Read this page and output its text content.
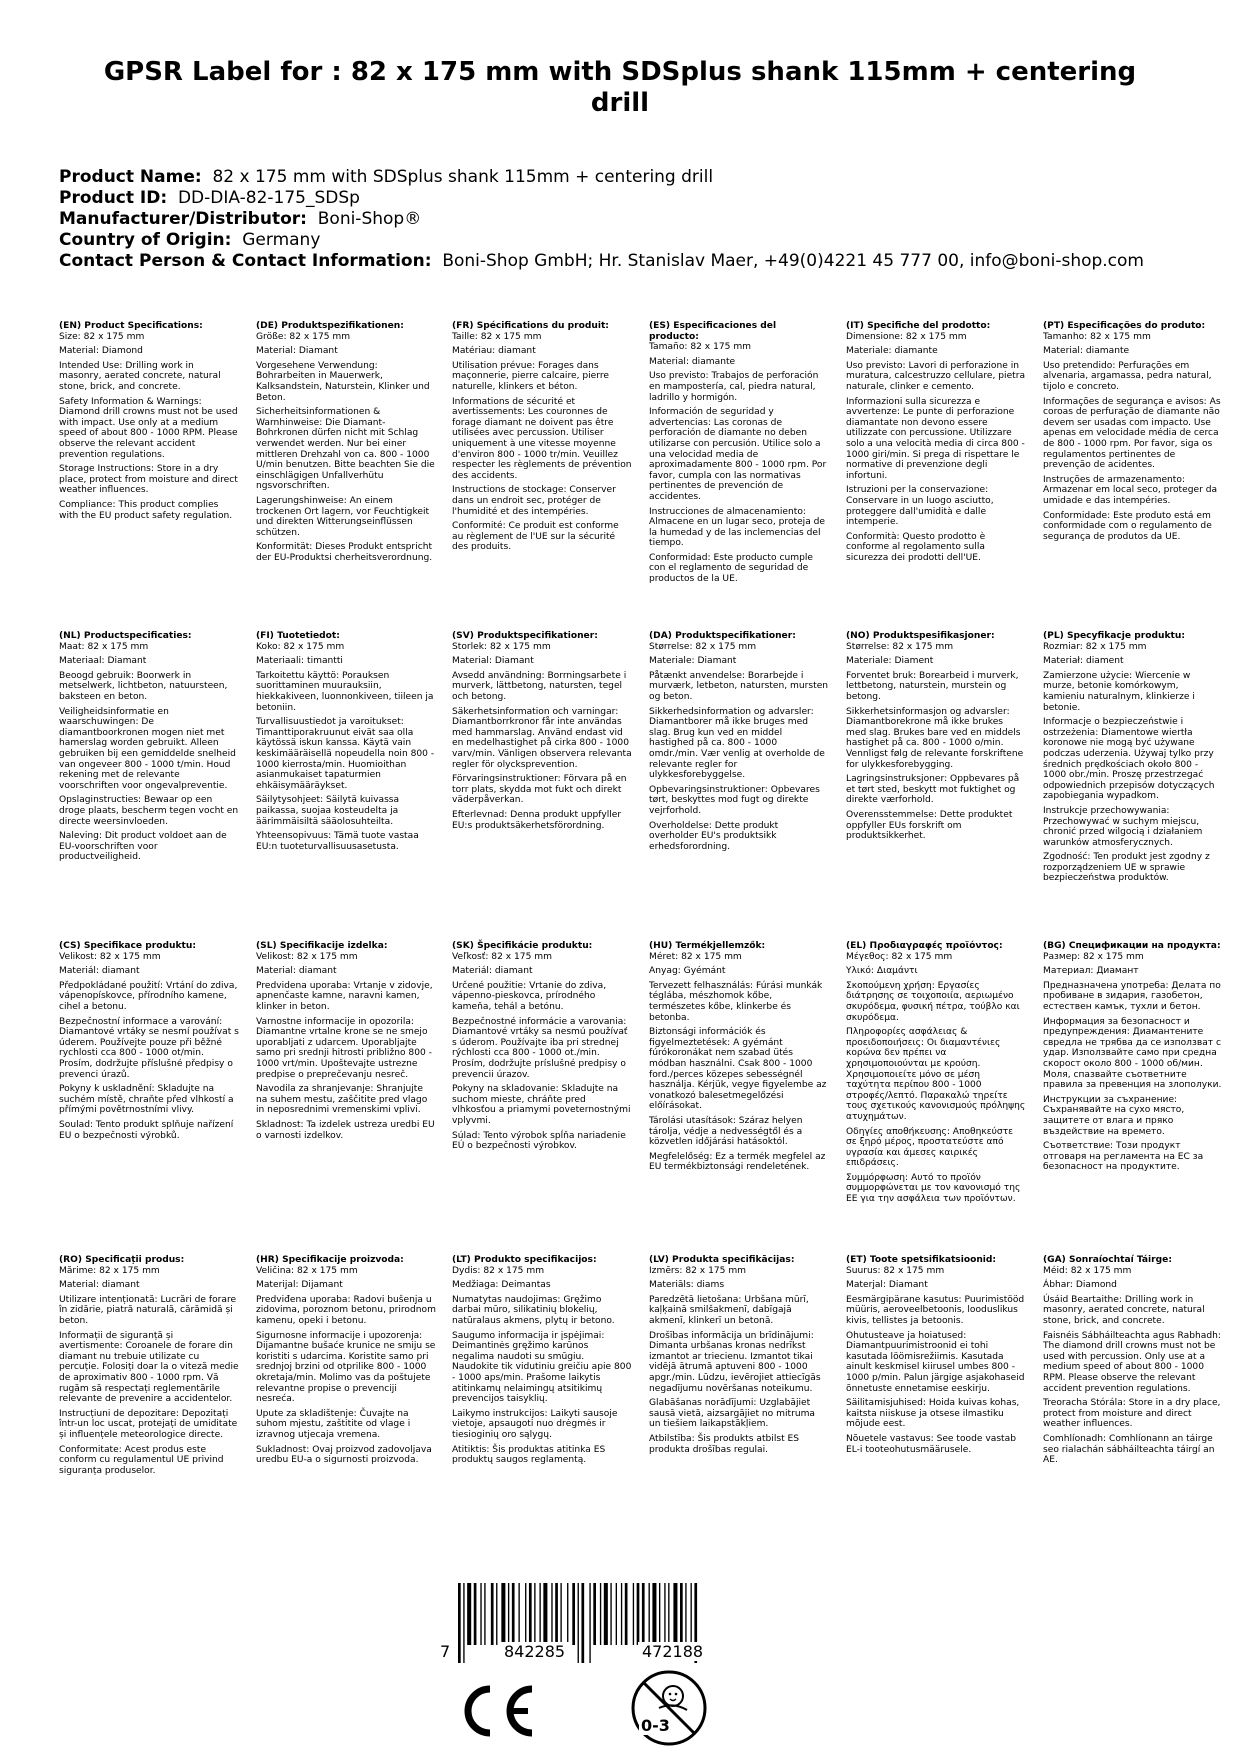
GPSR Label for : 82 x 175 mm with SDSplus shank 115mm + centering drill
Product Name: 82 x 175 mm with SDSplus shank 115mm + centering drill
Product ID: DD-DIA-82-175_SDSp
Manufacturer/Distributor: Boni-Shop®
Country of Origin: Germany
Contact Person & Contact Information: Boni-Shop GmbH; Hr. Stanislav Maer, +49(0)4221 45 777 00, info@boni-shop.com
(EN) Product Specifications:

Size: 82 x 175 mm

Material: Diamond

Intended Use: Drilling work in masonry, aerated concrete, natural stone, brick, and concrete.

Safety Information & Warnings: Diamond drill crowns must not be used with impact. Use only at a medium speed of about 800 - 1000 RPM. Please observe the relevant accident prevention regulations.

Storage Instructions: Store in a dry place, protect from moisture and direct weather influences.

Compliance: This product complies with the EU product safety regulation.

(DE) Produktspezifikationen:

Größe: 82 x 175 mm

Material: Diamant

Vorgesehene Verwendung: Bohrarbeiten in Mauerwerk, Kalksandstein, Naturstein, Klinker und Beton.

Sicherheitsinformationen & Warnhinweise: Die Diamant-Bohrkronen dürfen nicht mit Schlag verwendet werden. Nur bei einer mittleren Drehzahl von ca. 800 - 1000 U/min benutzen. Bitte beachten Sie die einschlägigen Unfallverhütu ngsvorschriften.

Lagerungshinweise: An einem trockenen Ort lagern, vor Feuchtigkeit und direkten Witterungseinflüssen schützen.

Konformität: Dieses Produkt entspricht der EU-Produktsi cherheitsverordnung.

(FR) Spécifications du produit:

Taille: 82 x 175 mm

Matériau: diamant

Utilisation prévue: Forages dans maçonnerie, pierre calcaire, pierre naturelle, klinkers et béton.

Informations de sécurité et avertissements: Les couronnes de forage diamant ne doivent pas être utilisées avec percussion. Utiliser uniquement à une vitesse moyenne d'environ 800 - 1000 tr/min. Veuillez respecter les règlements de prévention des accidents.

Instructions de stockage: Conserver dans un endroit sec, protéger de l'humidité et des intempéries.

Conformité: Ce produit est conforme au règlement de l'UE sur la sécurité des produits.

(ES) Especificaciones del producto:

Tamaño: 82 x 175 mm

Material: diamante

Uso previsto: Trabajos de perforación en mampostería, cal, piedra natural, ladrillo y hormigón.

Información de seguridad y advertencias: Las coronas de perforación de diamante no deben utilizarse con percusión. Utilice solo a una velocidad media de aproximadamente 800 - 1000 rpm. Por favor, cumpla con las normativas pertinentes de prevención de accidentes.

Instrucciones de almacenamiento: Almacene en un lugar seco, proteja de la humedad y de las inclemencias del tiempo.

Conformidad: Este producto cumple con el reglamento de seguridad de productos de la UE.

(IT) Specifiche del prodotto:

Dimensione: 82 x 175 mm

Materiale: diamante

Uso previsto: Lavori di perforazione in muratura, calcestruzzo cellulare, pietra naturale, clinker e cemento.

Informazioni sulla sicurezza e avvertenze: Le punte di perforazione diamantate non devono essere utilizzate con percussione. Utilizzare solo a una velocità media di circa 800 - 1000 giri/min. Si prega di rispettare le normative di prevenzione degli infortuni.

Istruzioni per la conservazione: Conservare in un luogo asciutto, proteggere dall'umidità e dalle intemperie.

Conformità: Questo prodotto è conforme al regolamento sulla sicurezza dei prodotti dell'UE.

(PT) Especificações do produto:

Tamanho: 82 x 175 mm

Material: diamante

Uso pretendido: Perfurações em alvenaria, argamassa, pedra natural, tijolo e concreto.

Informações de segurança e avisos: As coroas de perfuração de diamante não devem ser usadas com impacto. Use apenas em velocidade média de cerca de 800 - 1000 rpm. Por favor, siga os regulamentos pertinentes de prevenção de acidentes.

Instruções de armazenamento: Armazenar em local seco, proteger da umidade e das intempéries.

Conformidade: Este produto está em conformidade com o regulamento de segurança de produtos da UE.

(NL) Productspecificaties:

Maat: 82 x 175 mm

Materiaal: Diamant

Beoogd gebruik: Boorwerk in metselwerk, lichtbeton, natuursteen, baksteen en beton.

Veiligheidsinformatie en waarschuwingen: De diamantboorkronen mogen niet met hamerslag worden gebruikt. Alleen gebruiken bij een gemiddelde snelheid van ongeveer 800 - 1000 t/min. Houd rekening met de relevante voorschriften voor ongevalpreventie.

Opslaginstructies: Bewaar op een droge plaats, bescherm tegen vocht en directe weersinvloeden.

Naleving: Dit product voldoet aan de EU-voorschriften voor productveiligheid.

(FI) Tuotetiedot:

Koko: 82 x 175 mm

Materiaali: timantti

Tarkoitettu käyttö: Porauksen suorittaminen muurauksiin, hiekkakiveen, luonnonkiveen, tiileen ja betoniin.

Turvallisuustiedot ja varoitukset: Timanttiporakruunut eivät saa olla käytössä iskun kanssa. Käytä vain keskimääräisellä nopeudella noin 800 - 1000 kierrosta/min. Huomioithan asianmukaiset tapaturmien ehkäisymääräykset.

Säilytysohjeet: Säilytä kuivassa paikassa, suojaa kosteudelta ja äärimmäisiltä sääolosuhteilta.

Yhteensopivuus: Tämä tuote vastaa EU:n tuoteturvallisuusasetusta.

(SV) Produktspecifikationer:

Storlek: 82 x 175 mm

Material: Diamant

Avsedd användning: Borrningsarbete i murverk, lättbetong, natursten, tegel och betong.

Säkerhetsinformation och varningar: Diamantborrkronor får inte användas med hammarslag. Använd endast vid en medelhastighet på cirka 800 - 1000 varv/min. Vänligen observera relevanta regler för olycksprevention.

Förvaringsinstruktioner: Förvara på en torr plats, skydda mot fukt och direkt väderpåverkan.

Efterlevnad: Denna produkt uppfyller EU:s produktsäkerhetsförordning.

(DA) Produktspecifikationer:

Størrelse: 82 x 175 mm

Materiale: Diamant

Påtænkt anvendelse: Borarbejde i murværk, letbeton, natursten, mursten og beton.

Sikkerhedsinformation og advarsler: Diamantborer må ikke bruges med slag. Brug kun ved en middel hastighed på ca. 800 - 1000 omdr./min. Vær venlig at overholde de relevante regler for ulykkesforebyggelse.

Opbevaringsinstruktioner: Opbevares tørt, beskyttes mod fugt og direkte vejrforhold.

Overholdelse: Dette produkt overholder EU's produktsikk erhedsforordning.

(NO) Produktspesifikasjoner:

Størrelse: 82 x 175 mm

Materiale: Diament

Forventet bruk: Borearbeid i murverk, lettbetong, naturstein, murstein og betong.

Sikkerhetsinformasjon og advarsler: Diamantborekrone må ikke brukes med slag. Brukes bare ved en middels hastighet på ca. 800 - 1000 o/min. Vennligst følg de relevante forskriftene for ulykkesforebygging.

Lagringsinstruksjoner: Oppbevares på et tørt sted, beskytt mot fuktighet og direkte værforhold.

Overensstemmelse: Dette produktet oppfyller EUs forskrift om produktsikkerhet.

(PL) Specyfikacje produktu:

Rozmiar: 82 x 175 mm

Materiał: diament

Zamierzone użycie: Wiercenie w murze, betonie komórkowym, kamieniu naturalnym, klinkierze i betonie.

Informacje o bezpieczeństwie i ostrzeżenia: Diamentowe wiertła koronowe nie mogą być używane podczas uderzenia. Używaj tylko przy średnich prędkościach około 800 - 1000 obr./min. Proszę przestrzegać odpowiednich przepisów dotyczących zapobiegania wypadkom.

Instrukcje przechowywania: Przechowywać w suchym miejscu, chronić przed wilgocią i działaniem warunków atmosferycznych.

Zgodność: Ten produkt jest zgodny z rozporządzeniem UE w sprawie bezpieczeństwa produktów.

(CS) Specifikace produktu:

Velikost: 82 x 175 mm

Materiál: diamant

Předpokládané použití: Vrtání do zdiva, vápenopískovce, přírodního kamene, cihel a betonu.

Bezpečnostní informace a varování: Diamantové vrtáky se nesmí používat s úderem. Používejte pouze při běžné rychlosti cca 800 - 1000 ot/min. Prosím, dodržujte příslušné předpisy o prevenci úrazů.

Pokyny k uskladnění: Skladujte na suchém místě, chraňte před vlhkostí a přímými povětrnostními vlivy.

Soulad: Tento produkt splňuje nařízení EU o bezpečnosti výrobků.

(SL) Specifikacije izdelka:

Velikost: 82 x 175 mm

Material: diamant

Predvidena uporaba: Vrtanje v zidovje, apnenčaste kamne, naravni kamen, klinker in beton.

Varnostne informacije in opozorila: Diamantne vrtalne krone se ne smejo uporabljati z udarcem. Uporabljajte samo pri srednji hitrosti približno 800 - 1000 vrt/min. Upoštevajte ustrezne predpise o preprečevanju nesreč.

Navodila za shranjevanje: Shranjujte na suhem mestu, zaščitite pred vlago in neposrednimi vremenskimi vplivi.

Skladnost: Ta izdelek ustreza uredbi EU o varnosti izdelkov.

(SK) Špecifikácie produktu:

Veľkosť: 82 x 175 mm

Materiál: diamant

Určené použitie: Vrtanie do zdiva, vápenno-pieskovca, prírodného kameňa, tehál a betónu.

Bezpečnostné informácie a varovania: Diamantové vrtáky sa nesmú používať s úderom. Používajte iba pri strednej rýchlosti cca 800 - 1000 ot./min. Prosím, dodržujte príslušné predpisy o prevencii úrazov.

Pokyny na skladovanie: Skladujte na suchom mieste, chráňte pred vlhkosťou a priamymi poveternostnými vplyvmi.

Súlad: Tento výrobok spĺňa nariadenie EÚ o bezpečnosti výrobkov.

(HU) Termékjellemzők:

Méret: 82 x 175 mm

Anyag: Gyémánt

Tervezett felhasználás: Fúrási munkák téglába, mészhomok kőbe, természetes kőbe, klinkerbe és betonba.

Biztonsági információk és figyelmeztetések: A gyémánt fúrókoronákat nem szabad ütés módban használni. Csak 800 - 1000 ford./perces közepes sebességnél használja. Kérjük, vegye figyelembe az vonatkozó balesetmegelőzési előírásokat.

Tárolási utasítások: Száraz helyen tárolja, védje a nedvességtől és a közvetlen időjárási hatásoktól.

Megfelelőség: Ez a termék megfelel az EU termékbiztonsági rendeletének.

(EL) Προδιαγραφές προϊόντος:

Μέγεθος: 82 x 175 mm

Υλικό: Διαμάντι

Σκοπούμενη χρήση: Εργασίες διάτρησης σε τοιχοποιία, αεριωμένο σκυρόδεμα, φυσική πέτρα, τούβλο και σκυρόδεμα.

Πληροφορίες ασφάλειας & προειδοποιήσεις: Οι διαμαντένιες κορώνα δεν πρέπει να χρησιμοποιούνται με κρούση. Χρησιμοποιείτε μόνο σε μέση ταχύτητα περίπου 800 - 1000 στροφές/λεπτό. Παρακαλώ τηρείτε τους σχετικούς κανονισμούς πρόληψης ατυχημάτων.

Οδηγίες αποθήκευσης: Αποθηκεύστε σε ξηρό μέρος, προστατεύστε από υγρασία και άμεσες καιρικές επιδράσεις.

Συμμόρφωση: Αυτό το προϊόν συμμορφώνεται με τον κανονισμό της ΕΕ για την ασφάλεια των προϊόντων.

(BG) Спецификации на продукта:

Размер: 82 x 175 mm

Материал: Диамант

Предназначена употреба: Делата по пробиване в зидария, газобетон, естествен камък, тухли и бетон.

Информация за безопасност и предупреждения: Диамантените свредла не трябва да се използват с удар. Използвайте само при средна скорост около 800 - 1000 об/мин. Моля, спазвайте съответните правила за превенция на злополуки.

Инструкции за съхранение: Съхранявайте на сухо място, защитете от влага и пряко въздействие на времето.

Съответствие: Този продукт отговаря на регламента на ЕС за безопасност на продуктите.

(RO) Specificații produs:

Mărime: 82 x 175 mm

Material: diamant

Utilizare intenționată: Lucrări de forare în zidărie, piatră naturală, cărămidă și beton.

Informații de siguranță și avertismente: Coroanele de forare din diamant nu trebuie utilizate cu percuție. Folosiți doar la o viteză medie de aproximativ 800 - 1000 rpm. Vă rugăm să respectați reglementările relevante de prevenire a accidentelor.

Instrucțiuni de depozitare: Depozitați într-un loc uscat, protejați de umiditate și influențele meteorologice directe.

Conformitate: Acest produs este conform cu regulamentul UE privind siguranța produselor.

(HR) Specifikacije proizvoda:

Veličina: 82 x 175 mm

Materijal: Dijamant

Predviđena uporaba: Radovi bušenja u zidovima, poroznom betonu, prirodnom kamenu, opeki i betonu.

Sigurnosne informacije i upozorenja: Dijamantne bušaće krunice ne smiju se koristiti s udarcima. Koristite samo pri srednjoj brzini od otprilike 800 - 1000 okretaja/min. Molimo vas da poštujete relevantne propise o prevenciji nesreća.

Upute za skladištenje: Čuvajte na suhom mjestu, zaštitite od vlage i izravnog utjecaja vremena.

Sukladnost: Ovaj proizvod zadovoljava uredbu EU-a o sigurnosti proizvoda.

(LT) Produkto specifikacijos:

Dydis: 82 x 175 mm

Medžiaga: Deimantas

Numatytas naudojimas: Gręžimo darbai mūro, silikatinių blokelių, natūralaus akmens, plytų ir betono.

Saugumo informacija ir įspėjimai: Deimantinės gręžimo karūnos negalima naudoti su smūgiu. Naudokite tik vidutiniu greičiu apie 800 - 1000 aps/min. Prašome laikytis atitinkamų nelaimingų atsitikimų prevencijos taisyklių.

Laikymo instrukcijos: Laikyti sausoje vietoje, apsaugoti nuo drėgmės ir tiesioginių oro sąlygų.

Atitiktis: Šis produktas atitinka ES produktų saugos reglamentą.

(LV) Produkta specifikācijas:

Izmērs: 82 x 175 mm

Materiāls: diams

Paredzētā lietošana: Urbšana mūrī, kaļķainā smilšakmenī, dabīgajā akmenī, klinkerī un betonā.

Drošības informācija un brīdinājumi: Dimanta urbšanas kronas nedrīkst izmantot ar triecienu. Izmantot tikai vidējā ātrumā aptuveni 800 - 1000 apgr./min. Lūdzu, ievērojiet attiecīgās negadījumu novēršanas noteikumu.

Glabāšanas norādījumi: Uzglabājiet sausā vietā, aizsargājiet no mitruma un tiešiem laikapstākļiem.

Atbilstība: Šis produkts atbilst ES produkta drošības regulai.

(ET) Toote spetsifikatsioonid:

Suurus: 82 x 175 mm

Materjal: Diamant

Eesmärgipärane kasutus: Puurimistööd müüris, aeroveelbetoonis, looduslikus kivis, tellistes ja betoonis.

Ohutusteave ja hoiatused: Diamantpuurimistroonid ei tohi kasutada löömisrežiimis. Kasutada ainult keskmisel kiirusel umbes 800 - 1000 p/min. Palun järgige asjakohaseid õnnetuste ennetamise eeskirju.

Säilitamisjuhised: Hoida kuivas kohas, kaitsta niiskuse ja otsese ilmastiku mõjude eest.

Nõuetele vastavus: See toode vastab EL-i tooteohutusmäärusele.

(GA) Sonraíochtaí Táirge:

Méid: 82 x 175 mm

Ábhar: Diamond

Úsáid Beartaithe: Drilling work in masonry, aerated concrete, natural stone, brick, and concrete.

Faisnéis Sábháilteachta agus Rabhadh: The diamond drill crowns must not be used with percussion. Only use at a medium speed of about 800 - 1000 RPM. Please observe the relevant accident prevention regulations.

Treoracha Stórála: Store in a dry place, protect from moisture and direct weather influences.

Comhlíonadh: Comhlíonann an táirge seo rialachán sábháilteachta táirgí an AE.

7	842285	472188
0-3
